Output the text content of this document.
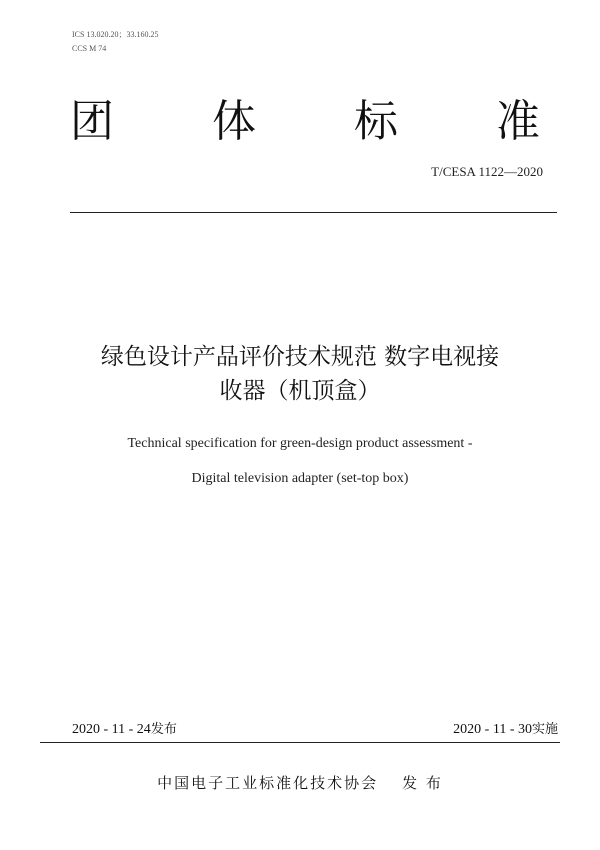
ICS 13.020.20；33.160.25
CCS M 74
团 体 标 准
T/CESA 1122—2020
绿色设计产品评价技术规范 数字电视接
收器（机顶盒）
Technical specification for green-design product assessment -
Digital television adapter (set-top box)
2020 - 11 - 24发布	2020 - 11 - 30实施
中国电子工业标准化技术协会 发 布
